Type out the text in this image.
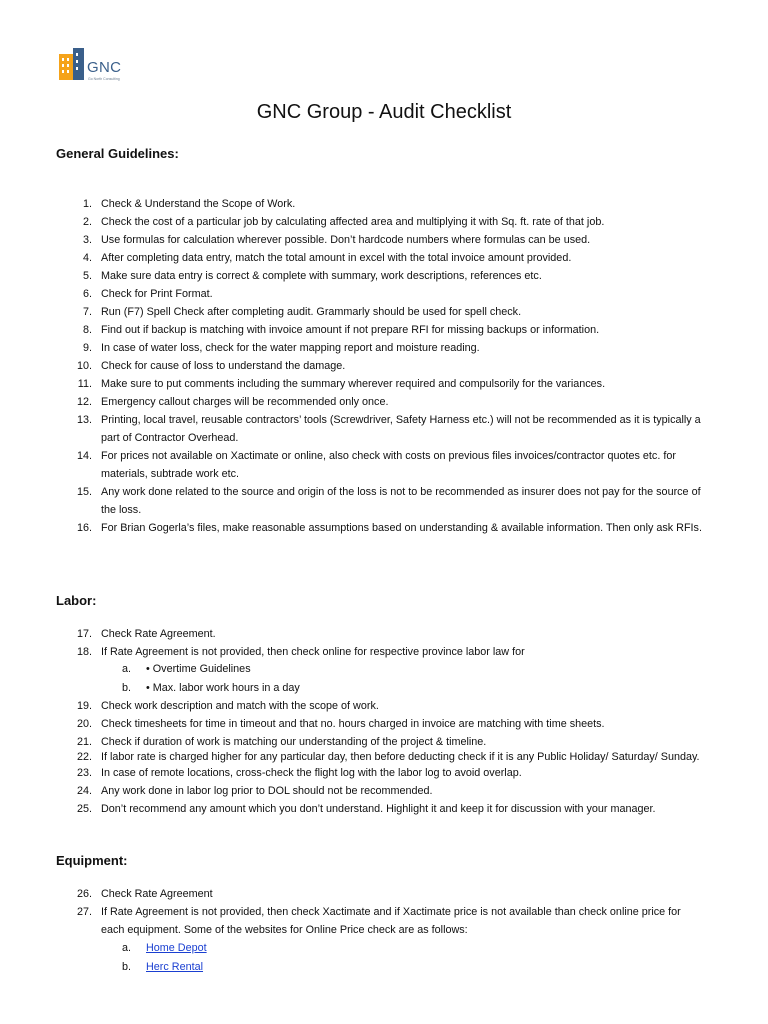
GNC
Go North Consulting
GNC Group - Audit Checklist
General Guidelines:
1. Check & Understand the Scope of Work.
2. Check the cost of a particular job by calculating affected area and multiplying it with Sq. ft. rate of that job.
3. Use formulas for calculation wherever possible. Don’t hardcode numbers where formulas can be used.
4. After completing data entry, match the total amount in excel with the total invoice amount provided.
5. Make sure data entry is correct & complete with summary, work descriptions, references etc.
6. Check for Print Format.
7. Run (F7) Spell Check after completing audit. Grammarly should be used for spell check.
8. Find out if backup is matching with invoice amount if not prepare RFI for missing backups or information.
9. In case of water loss, check for the water mapping report and moisture reading.
10. Check for cause of loss to understand the damage.
11. Make sure to put comments including the summary wherever required and compulsorily for the variances.
12. Emergency callout charges will be recommended only once.
13. Printing, local travel, reusable contractors’ tools (Screwdriver, Safety Harness etc.) will not be recommended as it is typically a part of Contractor Overhead.
14. For prices not available on Xactimate or online, also check with costs on previous files invoices/contractor quotes etc. for materials, subtrade work etc.
15. Any work done related to the source and origin of the loss is not to be recommended as insurer does not pay for the source of the loss.
16. For Brian Gogerla’s files, make reasonable assumptions based on understanding & available information. Then only ask RFIs.
Labor:
17. Check Rate Agreement.
18. If Rate Agreement is not provided, then check online for respective province labor law for
a. • Overtime Guidelines
b. • Max. labor work hours in a day
19. Check work description and match with the scope of work.
20. Check timesheets for time in timeout and that no. hours charged in invoice are matching with time sheets.
21. Check if duration of work is matching our understanding of the project & timeline.
22. If labor rate is charged higher for any particular day, then before deducting check if it is any Public Holiday/ Saturday/ Sunday.
23. In case of remote locations, cross-check the flight log with the labor log to avoid overlap.
24. Any work done in labor log prior to DOL should not be recommended.
25. Don’t recommend any amount which you don’t understand. Highlight it and keep it for discussion with your manager.
Equipment:
26. Check Rate Agreement
27. If Rate Agreement is not provided, then check Xactimate and if Xactimate price is not available than check online price for each equipment. Some of the websites for Online Price check are as follows:
a. Home Depot
b. Herc Rental
